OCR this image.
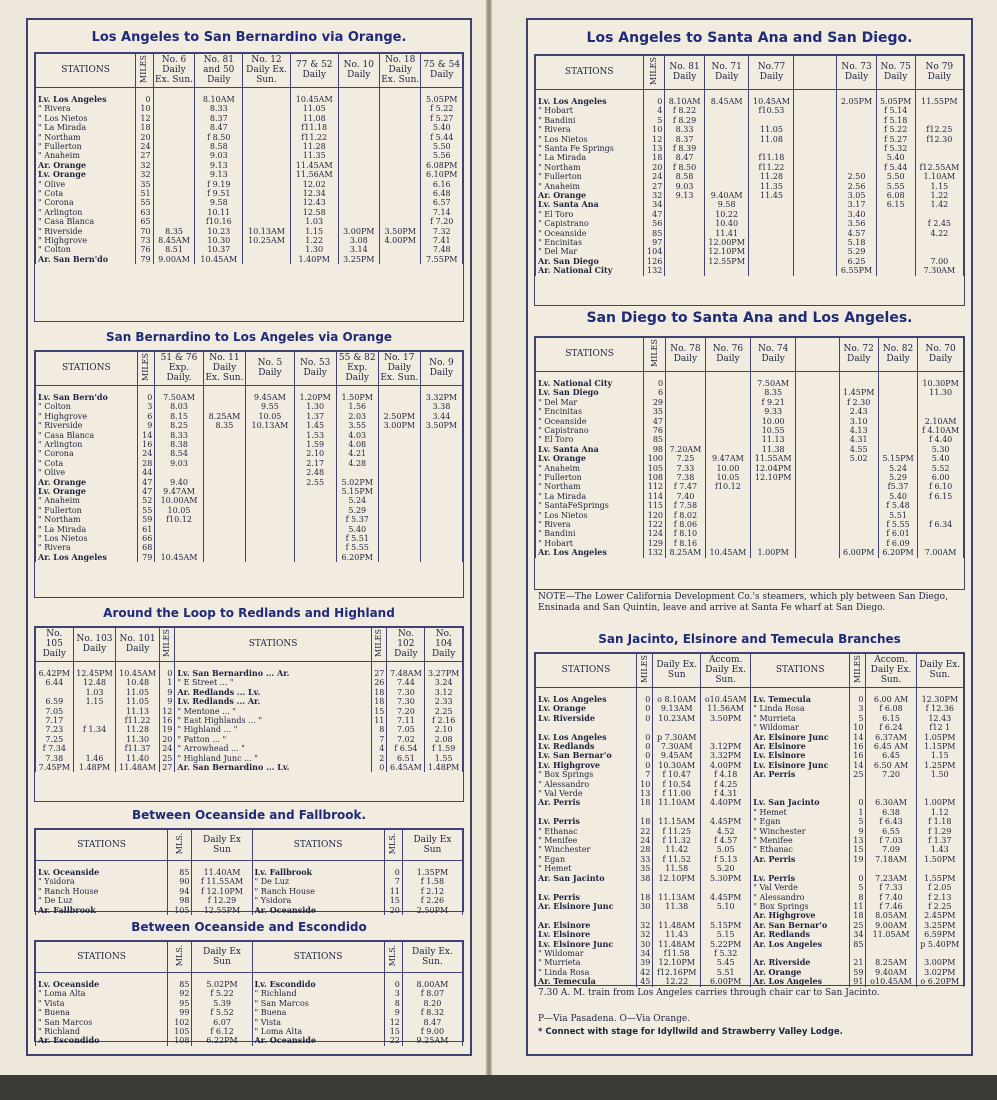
Los Angeles to San Bernardino via Orange.
STATIONS	MILES	No. 6 Daily Ex. Sun.	No. 81 and 50 Daily	No. 12 Daily Ex. Sun.	77 & 52 Daily	No. 10 Daily	No. 18 Daily Ex. Sun.	75 & 54 Daily

Lv. Los Angeles	0		8.10AM		10.45AM			5.05PM
" Rivera	10		8.33		11.05			f 5.22
" Los Nietos	12		8.37		11.08			f 5.27
" La Mirada	18		8.47		f11.18			5.40
" Northam	20		f 8.50		f11.22			f 5.44
" Fullerton	24		8.58		11.28			5.50
" Anaheim	27		9.03		11.35			5.56
Ar. Orange	32		9.13		11.45AM			6.08PM
Lv. Orange	32		9.13		11.56AM			6.10PM
" Olive	35		f 9.19		12.02			6.16
" Cota	51		f 9.51		12.34			6.48
" Corona	55		9.58		12.43			6.57
" Arlington	63		10.11		12.58			7.14
" Casa Blanca	65		f10.16		1.03			f 7.20
" Riverside	70	8.35	10.23	10.13AM	1.15	3.00PM	3.50PM	7.32
" Highgrove	73	8.45AM	10.30	10.25AM	1.22	3.08	4.00PM	7.41
" Colton	76	8.51	10.37		1.30	3.14		7.48
Ar. San Bern'do	79	9.00AM	10.45AM		1.40PM	3.25PM		7.55PM
San Bernardino to Los Angeles via Orange
STATIONS	MILES	51 & 76 Exp. Daily.	No. 11 Daily Ex. Sun.	No. 5 Daily	No. 53 Daily	55 & 82 Exp. Daily	No. 17 Daily Ex. Sun.	No. 9 Daily

Lv. San Bern'do	0	7.50AM		9.45AM	1.20PM	1.50PM		3.32PM
" Colton	3	8.03		9.55	1.30	1.56		3.38
" Highgrove	6	8.15	8.25AM	10.05	1.37	2.03	2.50PM	3.44
" Riverside	9	8.25	8.35	10.13AM	1.45	3.55	3.00PM	3.50PM
" Casa Blanca	14	8.33			1.53	4.03		
" Arlington	16	8.38			1.59	4.08		
" Corona	24	8.54			2.10	4.21		
" Cota	28	9.03			2.17	4.28		
" Olive	44				2.48			
Ar. Orange	47	9.40			2.55	5.02PM		
Lv. Orange	47	9.47AM				5.15PM		
" Anaheim	52	10.00AM				5.24		
" Fullerton	55	10.05				5.29		
" Northam	59	f10.12				f 5.37		
" La Mirada	61					5.40		
" Los Nietos	66					f 5.51		
" Rivera	68					f 5.55		
Ar. Los Angeles	79	10.45AM				6.20PM		
Around the Loop to Redlands and Highland
No. 105 Daily	No. 103 Daily	No. 101 Daily	MILES	STATIONS	MILES	No. 102 Daily	No. 104 Daily

6.42PM	12.45PM	10.45AM	0	Lv. San Bernardino ... Ar.	27	7.48AM	3.27PM
6.44	12.48	10.48	1	" E Street ... "	26	7.44	3.24
	1.03	11.05	9	Ar. Redlands ... Lv.	18	7.30	3.12
6.59	1.15	11.05	9	Lv. Redlands ... Ar.	18	7.30	2.33
7.05		11.13	12	" Mentone ... "	15	7.20	2.25
7.17		f11.22	16	" East Highlands ... "	11	7.11	f 2.16
7.23	f 1.34	11.28	19	" Highland ... "	8	7.05	2.10
7.25		11.30	20	" Patton ... "	7	7.02	2.08
f 7.34		f11.37	24	" Arrowhead ... "	4	f 6.54	f 1.59
7.38	1.46	11.40	25	" Highland Junc ... "	2	6.51	1.55
7.45PM	1.48PM	11.48AM	27	Ar. San Bernardino ... Lv.	0	6.45AM	1.48PM
Between Oceanside and Fallbrook.
STATIONS	MLS.	Daily Ex Sun	STATIONS	MLS.	Daily Ex Sun

Lv. Oceanside	85	11.40AM	Lv. Fallbrook	0	1.35PM
" Ysidora	90	f 11.55AM	" De Luz	7	f 1.58
" Ranch House	94	f 12.10PM	" Ranch House	11	f 2.12
" De Luz	98	f 12.29	" Ysidora	15	f 2.26
Ar. Fallbrook	105	12.55PM	Ar. Oceanside	20	2.50PM
Between Oceanside and Escondido
STATIONS	MLS.	Daily Ex Sun	STATIONS	MLS.	Daily Ex. Sun.

Lv. Oceanside	85	5.02PM	Lv. Escondido	0	8.00AM
" Loma Alta	92	f 5.22	" Richland	3	f 8.07
" Vista	95	5.39	" San Marcos	8	8.20
" Buena	99	f 5.52	" Buena	9	f 8.32
" San Marcos	102	6.07	" Vista	12	8.47
" Richland	105	f 6.12	" Loma Alta	15	f 9.00
Ar. Escondido	108	6.22PM	Ar. Oceanside	22	9.25AM
Los Angeles to Santa Ana and San Diego.
STATIONS	MILES	No. 81 Daily	No. 71 Daily	No.77 Daily		No. 73 Daily	No. 75 Daily	No 79 Daily

Lv. Los Angeles	0	8.10AM	8.45AM	10.45AM		2.05PM	5.05PM	11.55PM
" Hobart	4	f 8.22		f10.53			f 5.14	
" Bandini	5	f 8.29					f 5.18	
" Rivera	10	8.33		11.05			f 5.22	f12.25
" Los Nietos	12	8.37		11.08			f 5.27	f12.30
" Santa Fe Springs	13	f 8.39					f 5.32	
" La Mirada	18	8.47		f11.18			5.40	
" Northam	20	f 8.50		f11.22			f 5.44	f12.55AM
" Fullerton	24	8.58		11.28		2.50	5.50	1.10AM
" Anaheim	27	9.03		11.35		2.56	5.55	1.15
Ar. Orange	32	9.13	9.40AM	11.45		3.05	6.08	1.22
Lv. Santa Ana	34		9.58			3.17	6.15	1.42
" El Toro	47		10.22			3.40		
" Capistrano	56		10.40			3.56		f 2.45
" Oceanside	85		11.41			4.57		4.22
" Encinitas	97		12.00PM			5.18		
" Del Mar	104		12.10PM			5.29		
Ar. San Diego	126		12.55PM			6.25		7.00
Ar. National City	132					6.55PM		7.30AM
San Diego to Santa Ana and Los Angeles.
STATIONS	MILES	No. 78 Daily	No. 76 Daily	No. 74 Daily		No. 72 Daily	No. 82 Daily	No. 70 Daily

Lv. National City	0			7.50AM				10.30PM
Lv. San Diego	6			8.35		1.45PM		11.30
" Del Mar	29			f 9.21		f 2.30		
" Encinitas	35			9.33		2.43		
" Oceanside	47			10.00		3.10		2.10AM
" Capistrano	76			10.55		4.13		f 4.10AM
" El Toro	85			11.13		4.31		f 4.40
Lv. Santa Ana	98	7.20AM		11.38		4.55		5.30
Lv. Orange	100	7.25	9.47AM	11.55AM		5.02	5.15PM	5.40
" Anaheim	105	7.33	10.00	12.04PM			5.24	5.52
" Fullerton	108	7.38	10.05	12.10PM			5.29	6.00
" Northam	112	f 7.47	f10.12				f5.37	f 6.10
" La Mirada	114	7.40					5.40	f 6.15
" SantaFeSprings	115	f 7.58					f 5.48	
" Los Nietos	120	f 8.02					5.51	
" Rivera	122	f 8.06					f 5.55	f 6.34
" Bandini	124	f 8.10					f 6.01	
" Hobart	129	f 8.16					f 6.09	
Ar. Los Angeles	132	8.25AM	10.45AM	1.00PM		6.00PM	6.20PM	7.00AM
NOTE—The Lower California Development Co.'s steamers, which ply between San Diego, Ensinada and San Quintin, leave and arrive at Santa Fe wharf at San Diego.
San Jacinto, Elsinore and Temecula Branches
STATIONS	MILES	Daily Ex. Sun	Accom. Daily Ex. Sun.	STATIONS	MILES	Accom. Daily Ex. Sun.	Daily Ex. Sun.

Lv. Los Angeles	0	o 8.10AM	o10.45AM	Lv. Temecula	0	6.00 AM	12.30PM
Lv. Orange	0	9.13AM	11.56AM	" Linda Rosa	3	f 6.08	f 12.36
Lv. Riverside	0	10.23AM	3.50PM	" Murrieta	5	6.15	12.43
				" Wildomar	10	f 6.24	f12 1
Lv. Los Angeles	0	p 7.30AM		Ar. Elsinore Junc	14	6.37AM	1.05PM
Lv. Redlands	0	7.30AM	3.12PM	Ar. Elsinore	16	6.45 AM	1.15PM
Lv. San Bernar'o	0	9.45AM	3.32PM	Lv. Elsinore	16	6.45	1.15
Lv. Highgrove	0	10.30AM	4.00PM	Lv. Elsinore Junc	14	6.50 AM	1.25PM
" Box Springs	7	f 10.47	f 4.18	Ar. Perris	25	7.20	1.50
" Alessandro	10	f 10.54	f 4.25				
" Val Verde	13	f 11.00	f 4.31				
Ar. Perris	18	11.10AM	4.40PM	Lv. San Jacinto	0	6.30AM	1.00PM
				" Hemet	1	6.38	1.12
Lv. Perris	18	11.15AM	4.45PM	" Egan	5	f 6.43	f 1.18
" Ethanac	22	f 11.25	4.52	" Winchester	9	6.55	f 1.29
" Menifee	24	f 11.32	f 4.57	" Menifee	13	f 7.03	f 1.37
" Winchester	28	11.42	5.05	" Ethanac	15	7.09	1.43
" Egan	33	f 11.52	f 5.13	Ar. Perris	19	7.18AM	1.50PM
" Hemet	35	11.58	5.20				
Ar. San Jacinto	38	12.10PM	5.30PM	Lv. Perris	0	7.23AM	1.55PM
				" Val Verde	5	f 7.33	f 2.05
Lv. Perris	18	11.13AM	4.45PM	" Alessandro	8	f 7.40	f 2.13
Ar. Elsinore Junc	30	11.38	5.10	" Box Springs	11	f 7.46	f 2.25
				Ar. Highgrove	18	8.05AM	2.45PM
Ar. Elsinore	32	11.48AM	5.15PM	Ar. San Bernar'o	25	9.00AM	3.25PM
Lv. Elsinore	32	11.43	5.15	Ar. Redlands	34	11.05AM	6.59PM
Lv. Elsinore Junc	30	11.48AM	5.22PM	Ar. Los Angeles	85		p 5.40PM
" Wildomar	34	f11.58	f 5.32				
" Murrieta	39	12.10PM	5.45	Ar. Riverside	21	8.25AM	3.00PM
" Linda Rosa	42	f12.16PM	5.51	Ar. Orange	59	9.40AM	3.02PM
Ar. Temecula	45	12.22	6.00PM	Ar. Los Angeles	91	o10.45AM	o 6.20PM
7.30 A. M. train from Los Angeles carries through chair car to San Jacinto.
P—Via Pasadena. O—Via Orange.
* Connect with stage for Idyllwild and Strawberry Valley Lodge.
